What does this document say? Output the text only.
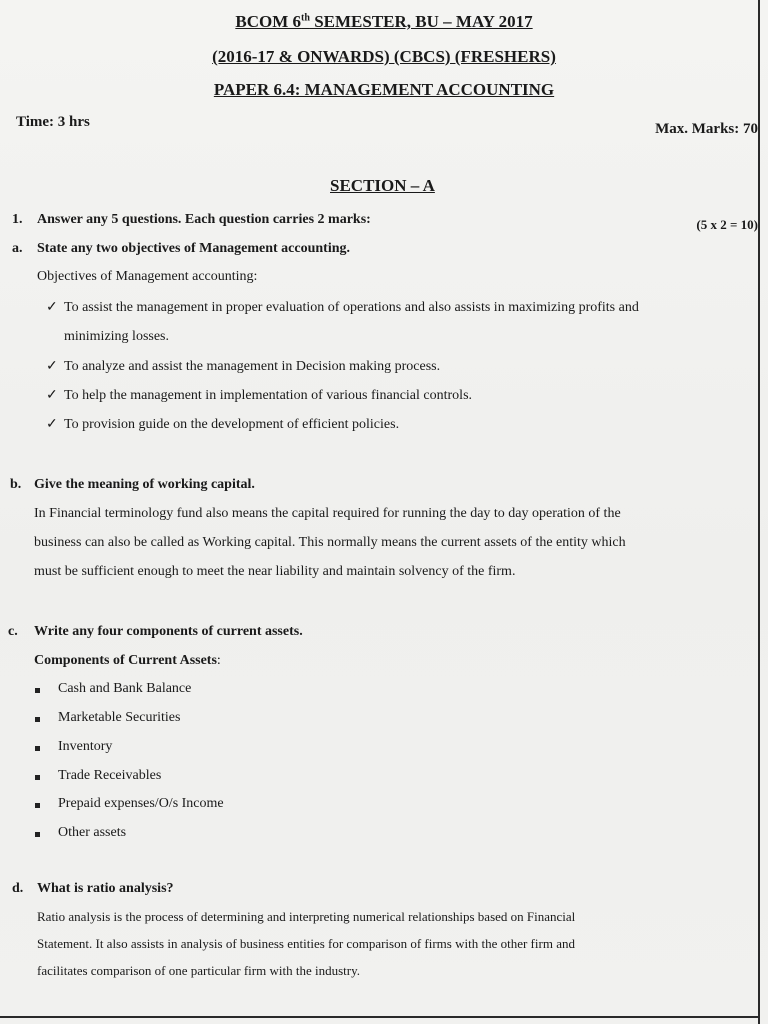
BCOM 6th SEMESTER, BU – MAY 2017
(2016-17 & ONWARDS) (CBCS) (FRESHERS)
PAPER 6.4: MANAGEMENT ACCOUNTING
Time: 3 hrs	Max. Marks: 70
SECTION – A
1. Answer any 5 questions. Each question carries 2 marks:	(5 x 2 = 10)
a. State any two objectives of Management accounting.
Objectives of Management accounting:
✓ To assist the management in proper evaluation of operations and also assists in maximizing profits and
minimizing losses.
✓ To analyze and assist the management in Decision making process.
✓ To help the management in implementation of various financial controls.
✓ To provision guide on the development of efficient policies.
b. Give the meaning of working capital.
In Financial terminology fund also means the capital required for running the day to day operation of the
business can also be called as Working capital. This normally means the current assets of the entity which
must be sufficient enough to meet the near liability and maintain solvency of the firm.
c. Write any four components of current assets.
Components of Current Assets:
Cash and Bank Balance
Marketable Securities
Inventory
Trade Receivables
Prepaid expenses/O/s Income
Other assets
d. What is ratio analysis?
Ratio analysis is the process of determining and interpreting numerical relationships based on Financial
Statement. It also assists in analysis of business entities for comparison of firms with the other firm and
facilitates comparison of one particular firm with the industry.
